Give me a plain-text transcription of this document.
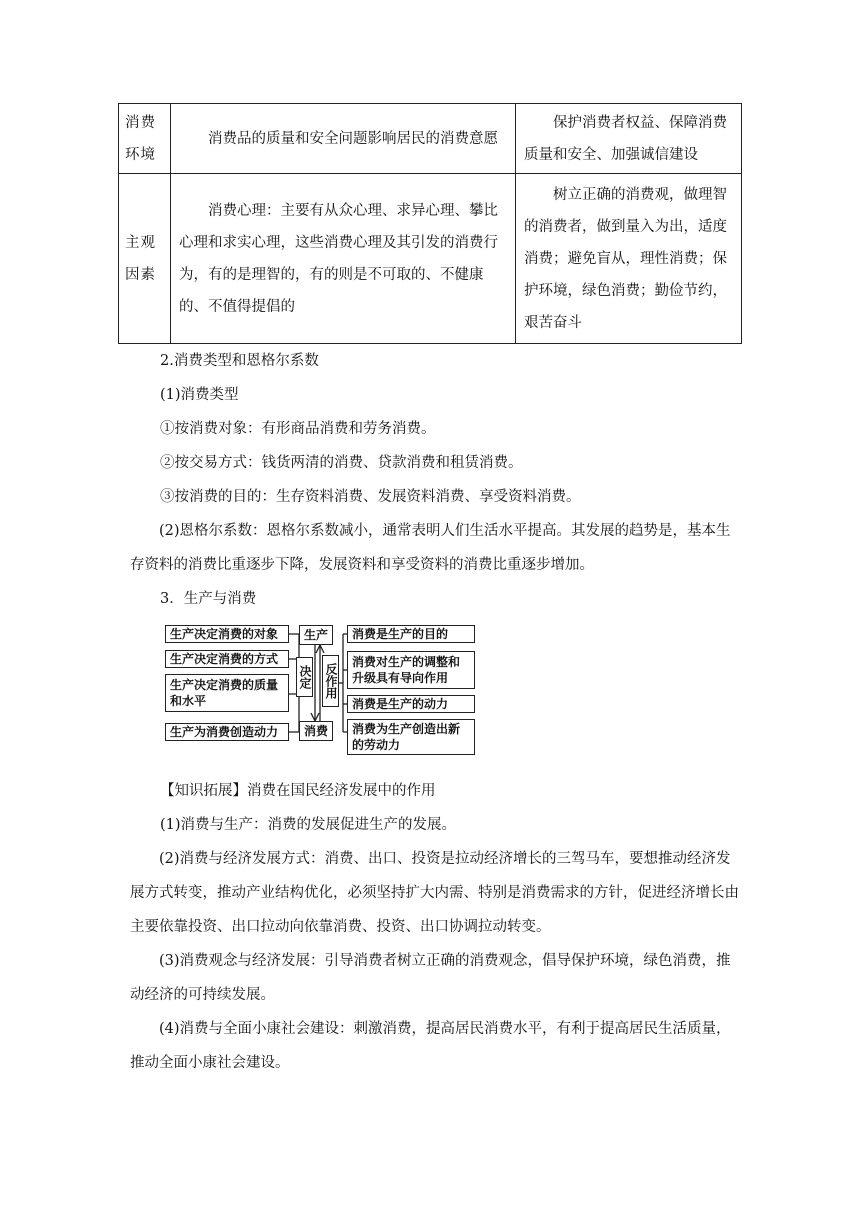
消费环境	消费品的质量和安全问题影响居民的消费意愿	保护消费者权益、保障消费质量和安全、加强诚信建设
主观因素	消费心理：主要有从众心理、求异心理、攀比心理和求实心理，这些消费心理及其引发的消费行为，有的是理智的，有的则是不可取的、不健康的、不值得提倡的	树立正确的消费观，做理智的消费者，做到量入为出，适度消费；避免盲从，理性消费；保护环境，绿色消费；勤俭节约，艰苦奋斗

2.消费类型和恩格尔系数

(1)消费类型

①按消费对象：有形商品消费和劳务消费。

②按交易方式：钱货两清的消费、贷款消费和租赁消费。

③按消费的目的：生存资料消费、发展资料消费、享受资料消费。

(2)恩格尔系数：恩格尔系数减小，通常表明人们生活水平提高。其发展的趋势是，基本生存资料的消费比重逐步下降，发展资料和享受资料的消费比重逐步增加。

3．生产与消费

生产决定消费的对象
生产决定消费的方式
生产决定消费的质量和水平
生产为消费创造动力
生产
消费
决定 反作用
消费是生产的目的
消费对生产的调整和升级具有导向作用
消费是生产的动力
消费为生产创造出新的劳动力

【知识拓展】消费在国民经济发展中的作用

(1)消费与生产：消费的发展促进生产的发展。

(2)消费与经济发展方式：消费、出口、投资是拉动经济增长的三驾马车，要想推动经济发展方式转变，推动产业结构优化，必须坚持扩大内需、特别是消费需求的方针，促进经济增长由主要依靠投资、出口拉动向依靠消费、投资、出口协调拉动转变。

(3)消费观念与经济发展：引导消费者树立正确的消费观念，倡导保护环境，绿色消费，推动经济的可持续发展。

(4)消费与全面小康社会建设：刺激消费，提高居民消费水平，有利于提高居民生活质量，推动全面小康社会建设。
